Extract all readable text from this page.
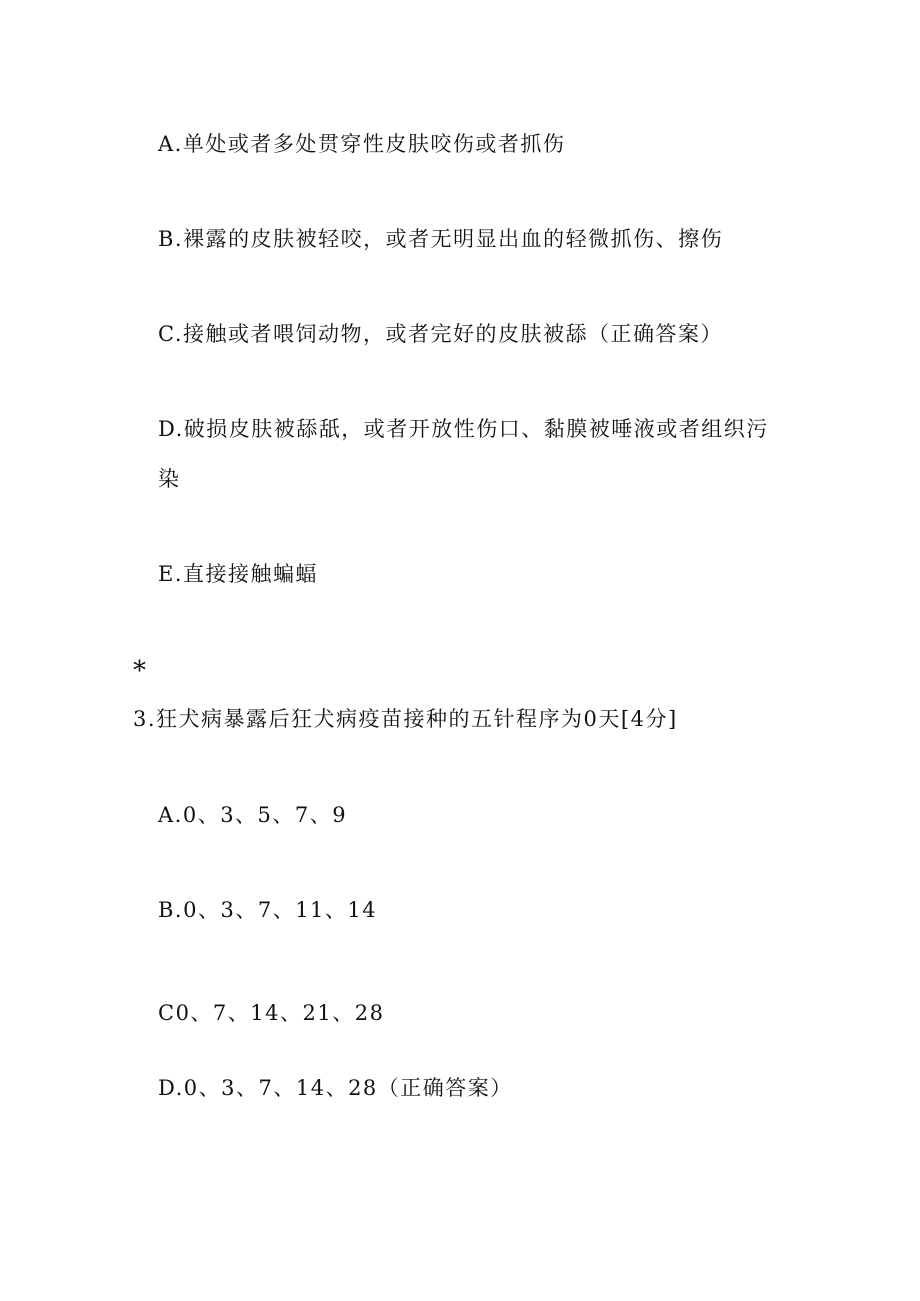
A.单处或者多处贯穿性皮肤咬伤或者抓伤
B.裸露的皮肤被轻咬，或者无明显出血的轻微抓伤、擦伤
C.接触或者喂饲动物，或者完好的皮肤被舔（正确答案）
D.破损皮肤被舔舐，或者开放性伤口、黏膜被唾液或者组织污
染
E.直接接触蝙蝠
*
3.狂犬病暴露后狂犬病疫苗接种的五针程序为0天[4分]
A.0、3、5、7、9
B.0、3、7、11、14
C0、7、14、21、28
D.0、3、7、14、28（正确答案）
